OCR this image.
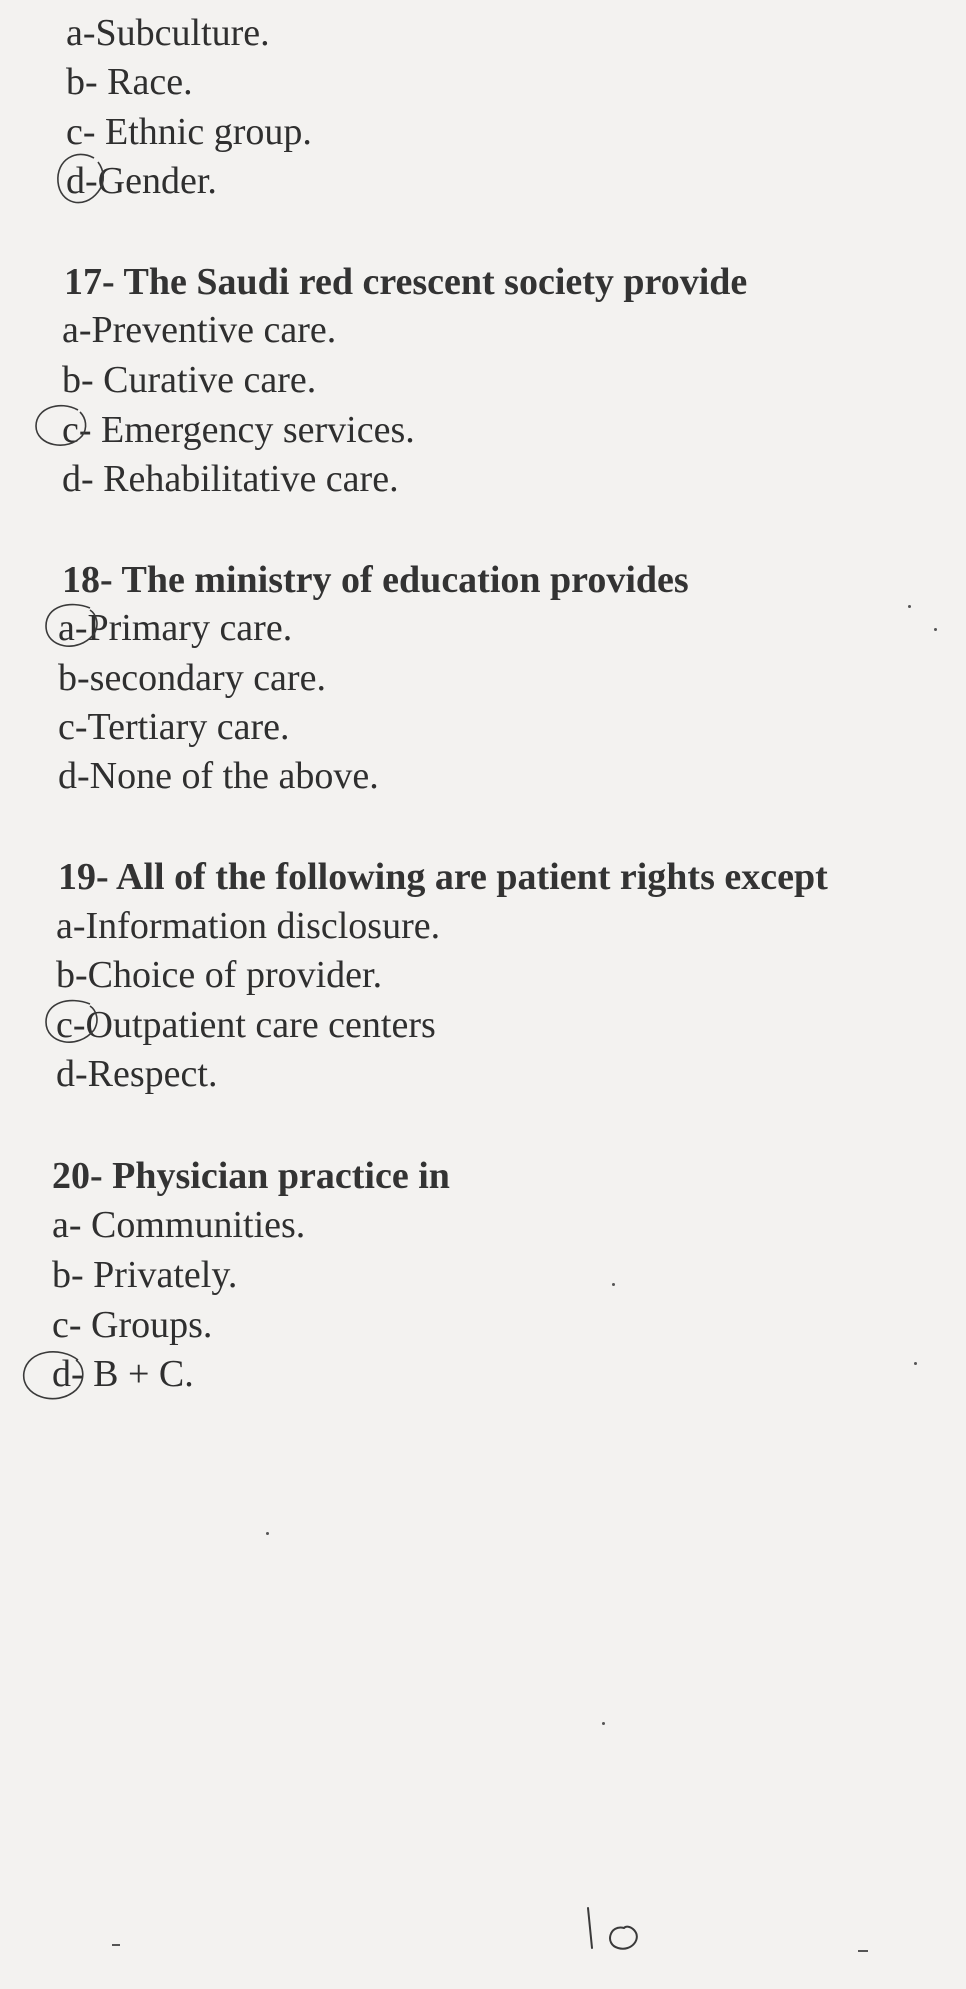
a-Subculture.
b- Race.
c- Ethnic group.
d-Gender.
17- The Saudi red crescent society provide
a-Preventive care.
b- Curative care.
c- Emergency services.
d- Rehabilitative care.
18- The ministry of education provides
a-Primary care.
b-secondary care.
c-Tertiary care.
d-None of the above.
19- All of the following are patient rights except
a-Information disclosure.
b-Choice of provider.
c-Outpatient care centers
d-Respect.
20- Physician practice in
a- Communities.
b- Privately.
c- Groups.
d- B + C.
